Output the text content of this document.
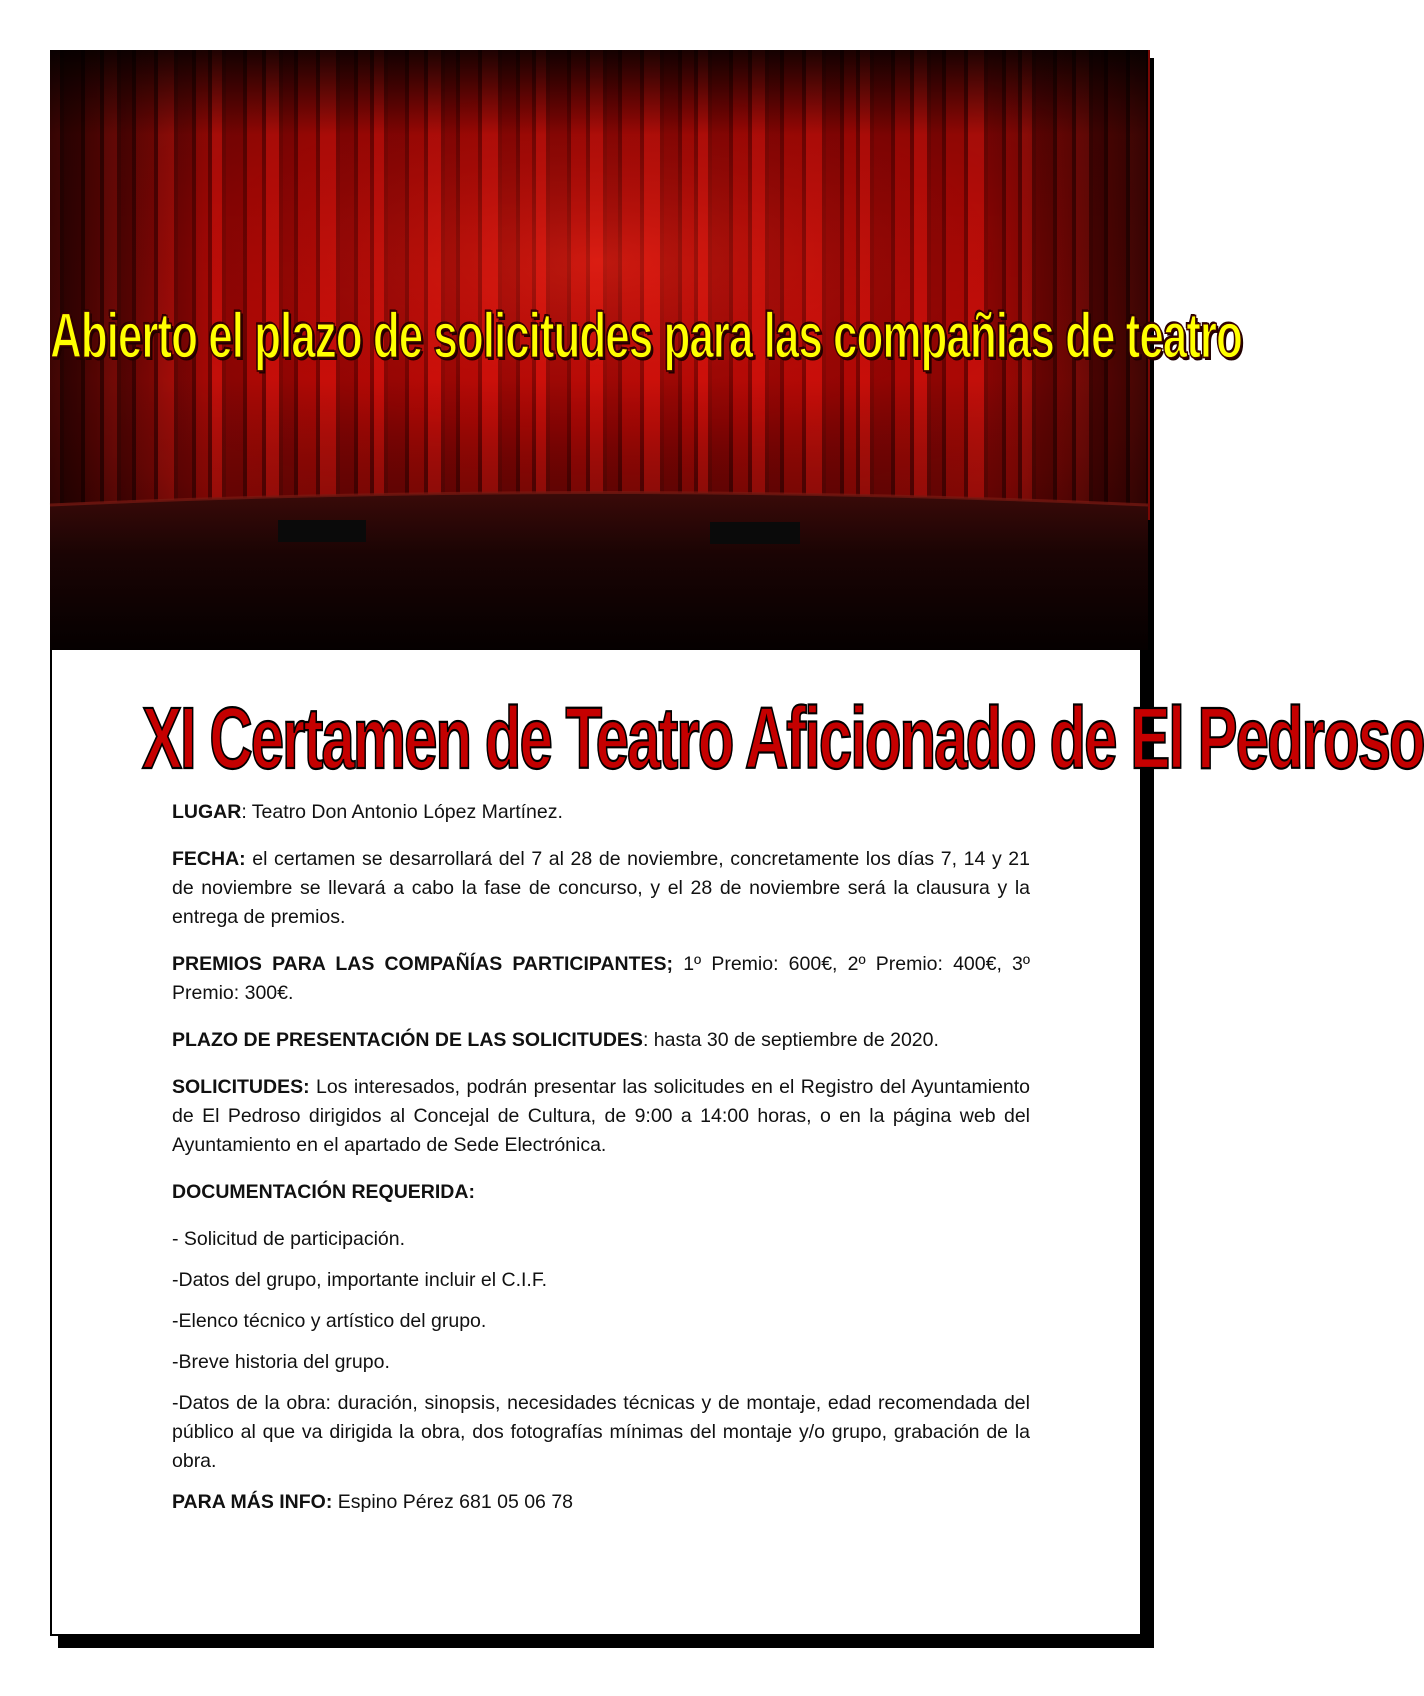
Abierto el plazo de solicitudes para las compañias de teatro
XI Certamen de Teatro Aficionado de El Pedroso

LUGAR: Teatro Don Antonio López Martínez.

FECHA: el certamen se desarrollará del 7 al 28 de noviembre, concretamente los días 7, 14 y 21 de noviembre se llevará a cabo la fase de concurso, y el 28 de noviembre será la clausura y la entrega de premios.

PREMIOS PARA LAS COMPAÑÍAS PARTICIPANTES; 1º Premio: 600€, 2º Premio: 400€, 3º Premio: 300€.

PLAZO DE PRESENTACIÓN DE LAS SOLICITUDES: hasta 30 de septiembre de 2020.

SOLICITUDES: Los interesados, podrán presentar las solicitudes en el Registro del Ayuntamiento de El Pedroso dirigidos al Concejal de Cultura, de 9:00 a 14:00 horas, o en la página web del Ayuntamiento en el apartado de Sede Electrónica.

DOCUMENTACIÓN REQUERIDA:

- Solicitud de participación.

-Datos del grupo, importante incluir el C.I.F.

-Elenco técnico y artístico del grupo.

-Breve historia del grupo.

-Datos de la obra: duración, sinopsis, necesidades técnicas y de montaje, edad recomendada del público al que va dirigida la obra, dos fotografías mínimas del montaje y/o grupo, grabación de la obra.

PARA MÁS INFO: Espino Pérez 681 05 06 78
